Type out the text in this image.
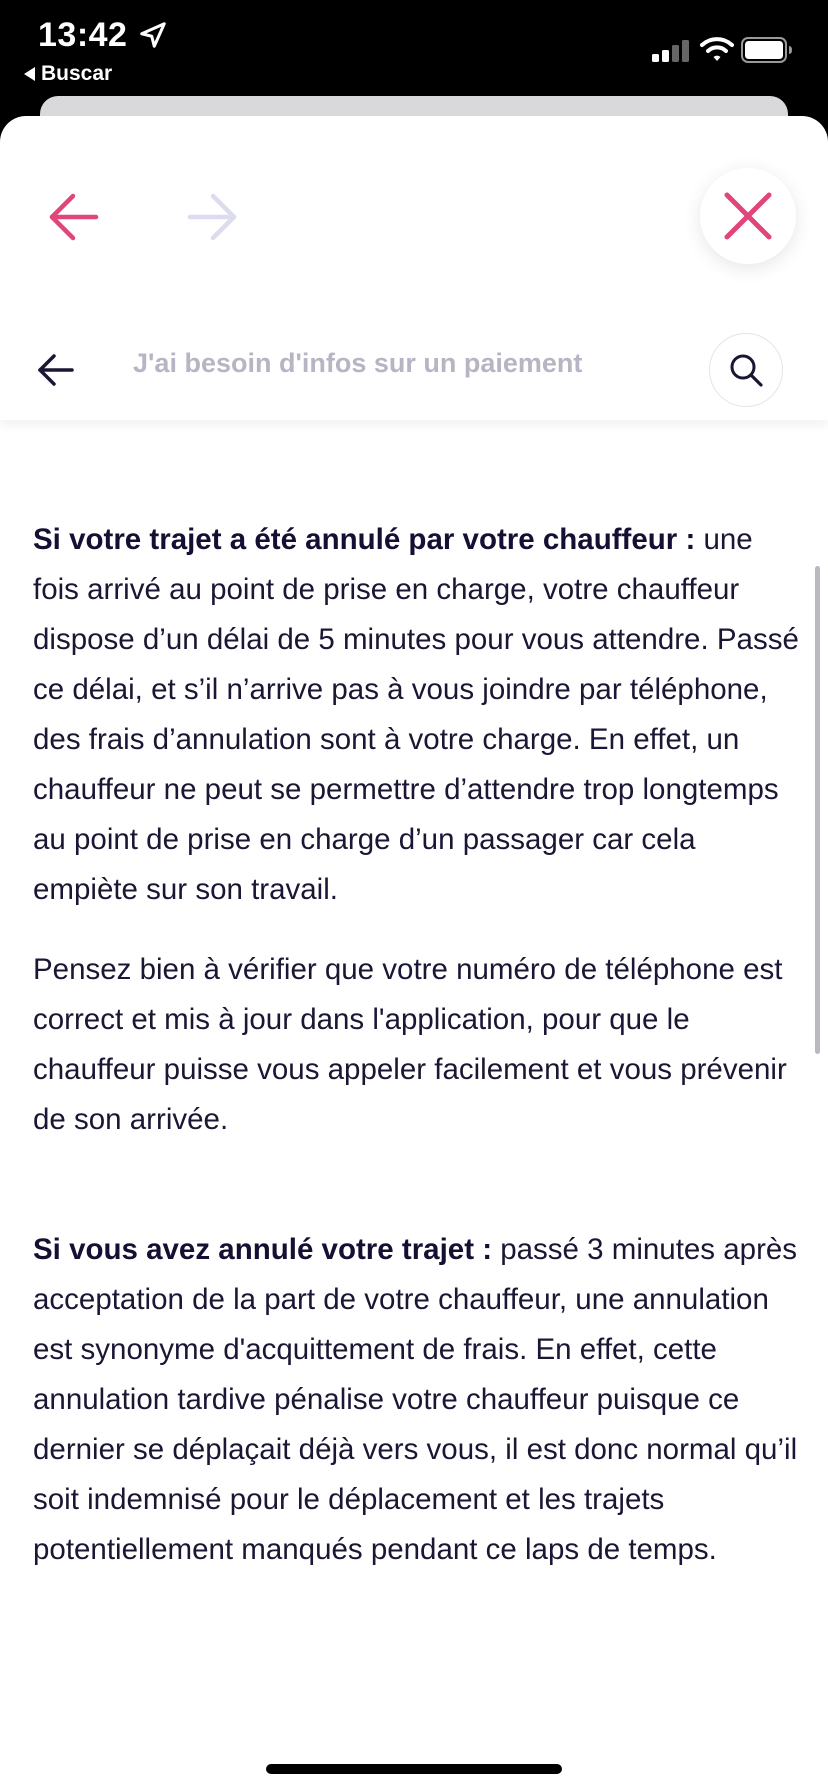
13:42
Buscar
J'ai besoin d'infos sur un paiement

Si votre trajet a été annulé par votre chauffeur : une fois arrivé au point de prise en charge, votre chauffeur dispose d’un délai de 5 minutes pour vous attendre. Passé ce délai, et s’il n’arrive pas à vous joindre par téléphone, des frais d’annulation sont à votre charge. En effet, un chauffeur ne peut se permettre d’attendre trop longtemps au point de prise en charge d’un passager car cela empiète sur son travail.

Pensez bien à vérifier que votre numéro de téléphone est correct et mis à jour dans l'application, pour que le chauffeur puisse vous appeler facilement et vous prévenir de son arrivée.

Si vous avez annulé votre trajet : passé 3 minutes après acceptation de la part de votre chauffeur, une annulation est synonyme d'acquittement de frais. En effet, cette annulation tardive pénalise votre chauffeur puisque ce dernier se déplaçait déjà vers vous, il est donc normal qu’il soit indemnisé pour le déplacement et les trajets potentiellement manqués pendant ce laps de temps.
